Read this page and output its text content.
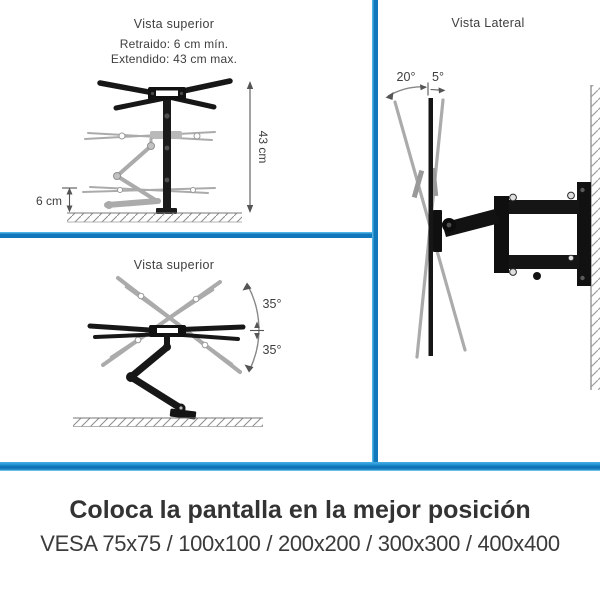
Vista superior
Retraido: 6 cm mín.
Extendido: 43 cm max.
43 cm
6 cm
Vista superior
35°
35°
Vista Lateral
20° 5°
Coloca la pantalla en la mejor posición
VESA 75x75 / 100x100 / 200x200 / 300x300 / 400x400
